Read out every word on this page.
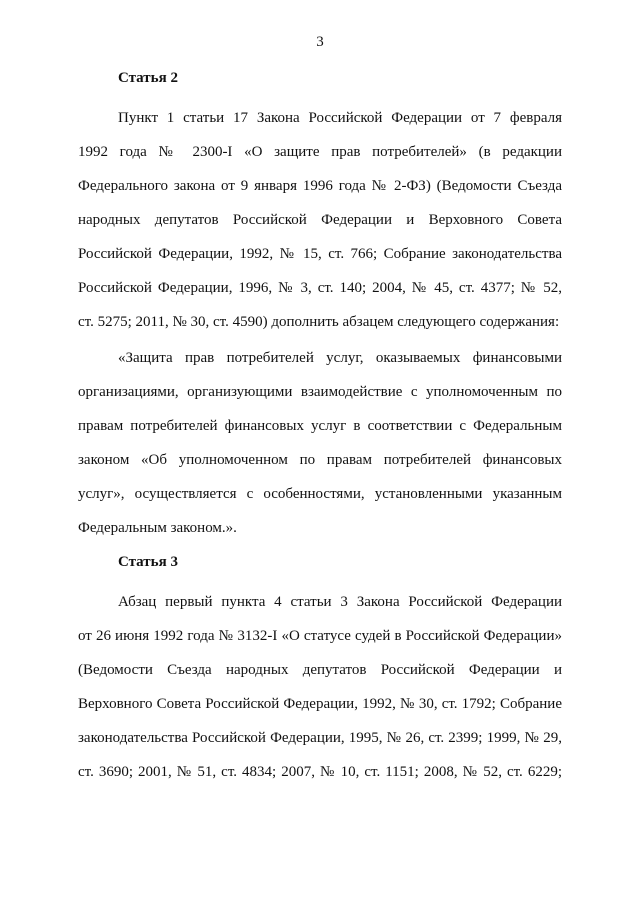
3
Статья 2
Пункт 1 статьи 17 Закона Российской Федерации от 7 февраля
1992 года № 2300-I «О защите прав потребителей» (в редакции
Федерального закона от 9 января 1996 года № 2-ФЗ) (Ведомости Съезда
народных депутатов Российской Федерации и Верховного Совета
Российской Федерации, 1992, № 15, ст. 766; Собрание законодательства
Российской Федерации, 1996, № 3, ст. 140; 2004, № 45, ст. 4377; № 52,
ст. 5275; 2011, № 30, ст. 4590) дополнить абзацем следующего содержания:
«Защита прав потребителей услуг, оказываемых финансовыми
организациями, организующими взаимодействие с уполномоченным по
правам потребителей финансовых услуг в соответствии с Федеральным
законом «Об уполномоченном по правам потребителей финансовых
услуг», осуществляется с особенностями, установленными указанным
Федеральным законом.».
Статья 3
Абзац первый пункта 4 статьи 3 Закона Российской Федерации
от 26 июня 1992 года № 3132-I «О статусе судей в Российской Федерации»
(Ведомости Съезда народных депутатов Российской Федерации и
Верховного Совета Российской Федерации, 1992, № 30, ст. 1792; Собрание
законодательства Российской Федерации, 1995, № 26, ст. 2399; 1999, № 29,
ст. 3690; 2001, № 51, ст. 4834; 2007, № 10, ст. 1151; 2008, № 52, ст. 6229;
